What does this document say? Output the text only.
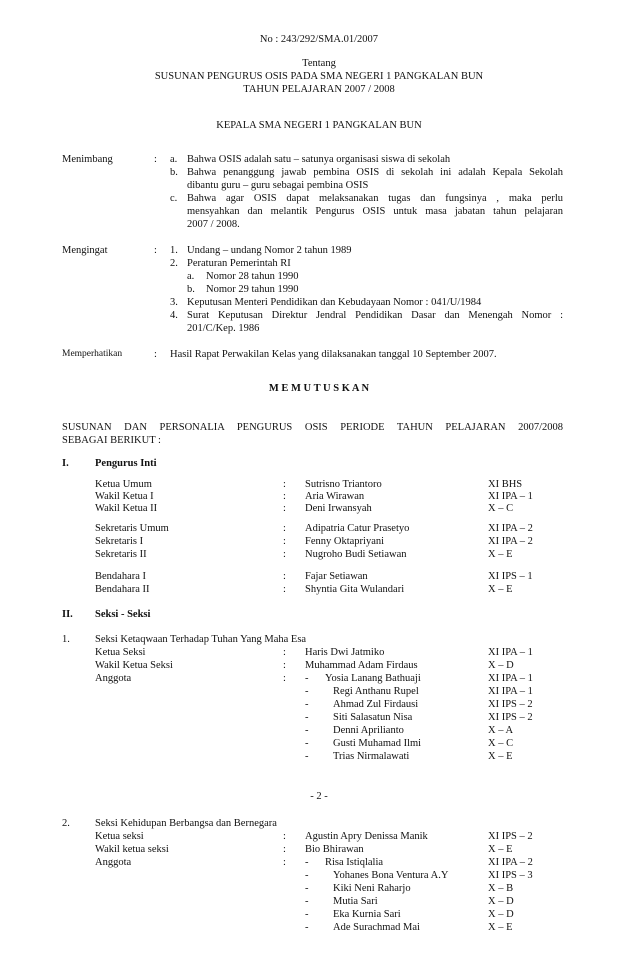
No : 243/292/SMA.01/2007
Tentang
SUSUNAN PENGURUS OSIS PADA SMA NEGERI 1 PANGKALAN BUN
TAHUN PELAJARAN 2007 / 2008
KEPALA SMA NEGERI 1 PANGKALAN BUN
Menimbang	: a. Bahwa OSIS adalah satu – satunya organisasi siswa di sekolah
b. Bahwa penanggung jawab pembina OSIS di sekolah ini adalah Kepala Sekolah
dibantu guru – guru sebagai pembina OSIS
c. Bahwa agar OSIS dapat melaksanakan tugas dan fungsinya , maka perlu
mensyahkan dan melantik Pengurus OSIS untuk masa jabatan tahun pelajaran
2007 / 2008.
Mengingat	: 1. Undang – undang Nomor 2 tahun 1989
2. Peraturan Pemerintah RI
a. Nomor 28 tahun 1990
b. Nomor 29 tahun 1990
3. Keputusan Menteri Pendidikan dan Kebudayaan Nomor : 041/U/1984
4. Surat Keputusan Direktur Jendral Pendidikan Dasar dan Menengah Nomor :
201/C/Kep. 1986
Memperhatikan	: Hasil Rapat Perwakilan Kelas yang dilaksanakan tanggal 10 September 2007.
M E M U T U S K A N
SUSUNAN DAN PERSONALIA PENGURUS OSIS PERIODE TAHUN PELAJARAN 2007/2008
SEBAGAI BERIKUT :
I.	Pengurus Inti
Ketua Umum	: Sutrisno Triantoro	XI BHS
Wakil Ketua I	: Aria Wirawan	XI IPA – 1
Wakil Ketua II	: Deni Irwansyah	X – C
Sekretaris Umum	: Adipatria Catur Prasetyo	XI IPA – 2
Sekretaris I	: Fenny Oktapriyani	XI IPA – 2
Sekretaris II	: Nugroho Budi Setiawan	X – E
Bendahara I	: Fajar Setiawan	XI IPS – 1
Bendahara II	: Shyntia Gita Wulandari	X – E
II. Seksi - Seksi
1. Seksi Ketaqwaan Terhadap Tuhan Yang Maha Esa
Ketua Seksi	: Haris Dwi Jatmiko	XI IPA – 1
Wakil Ketua Seksi	: Muhammad Adam Firdaus	X – D
Anggota	: - Yosia Lanang Bathuaji	XI IPA – 1
- Regi Anthanu Rupel	XI IPA – 1
- Ahmad Zul Firdausi	XI IPS – 2
- Siti Salasatun Nisa	XI IPS – 2
- Denni Aprilianto	X – A
- Gusti Muhamad Ilmi	X – C
- Trias Nirmalawati	X – E
- 2 -
2. Seksi Kehidupan Berbangsa dan Bernegara
Ketua seksi	: Agustin Apry Denissa Manik	XI IPS – 2
Wakil ketua seksi	: Bio Bhirawan	X – E
Anggota	: - Risa Istiqlalia	XI IPA – 2
- Yohanes Bona Ventura A.Y	XI IPS – 3
- Kiki Neni Raharjo	X – B
- Mutia Sari	X – D
- Eka Kurnia Sari	X – D
- Ade Surachmad Mai	X – E
